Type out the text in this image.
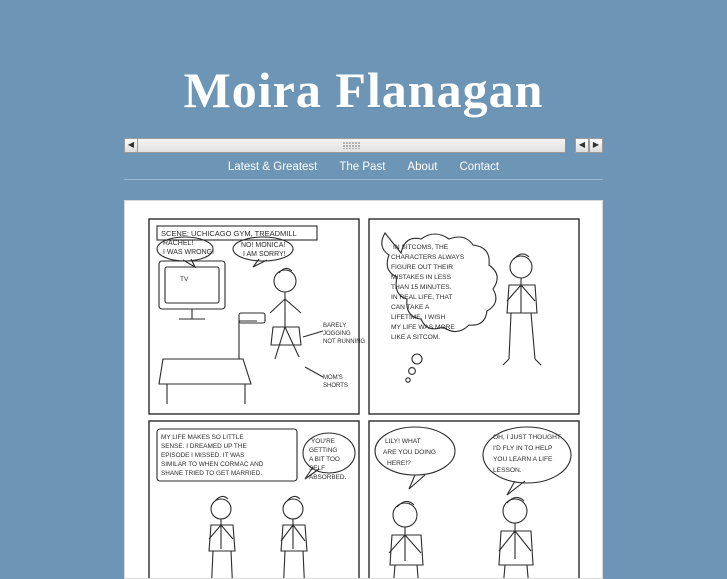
Moira Flanagan
◀	◀ ▶
Latest & Greatest The Past About Contact
SCENE: UCHICAGO GYM, TREADMILL
RACHEL!
I WAS WRONG!
NO! MONICA!
I AM SORRY!
TV
BARELY
JOGGING
NOT RUNNING
MOM'S
SHORTS
IN SITCOMS, THE
CHARACTERS ALWAYS
FIGURE OUT THEIR
MISTAKES IN LESS
THAN 15 MINUTES.
IN REAL LIFE, THAT
CAN TAKE A
LIFETIME. I WISH
MY LIFE WAS MORE
LIKE A SITCOM.
MY LIFE MAKES SO LITTLE
SENSE. I DREAMED UP THE
EPISODE I MISSED. IT WAS
SIMILAR TO WHEN CORMAC AND
SHANE TRIED TO GET MARRIED.
YOU'RE
GETTING
A BIT TOO
SELF
ABSORBED.
LILY! WHAT
ARE YOU DOING
HERE!?
OH, I JUST THOUGHT
I'D FLY IN TO HELP
YOU LEARN A LIFE
LESSON.
